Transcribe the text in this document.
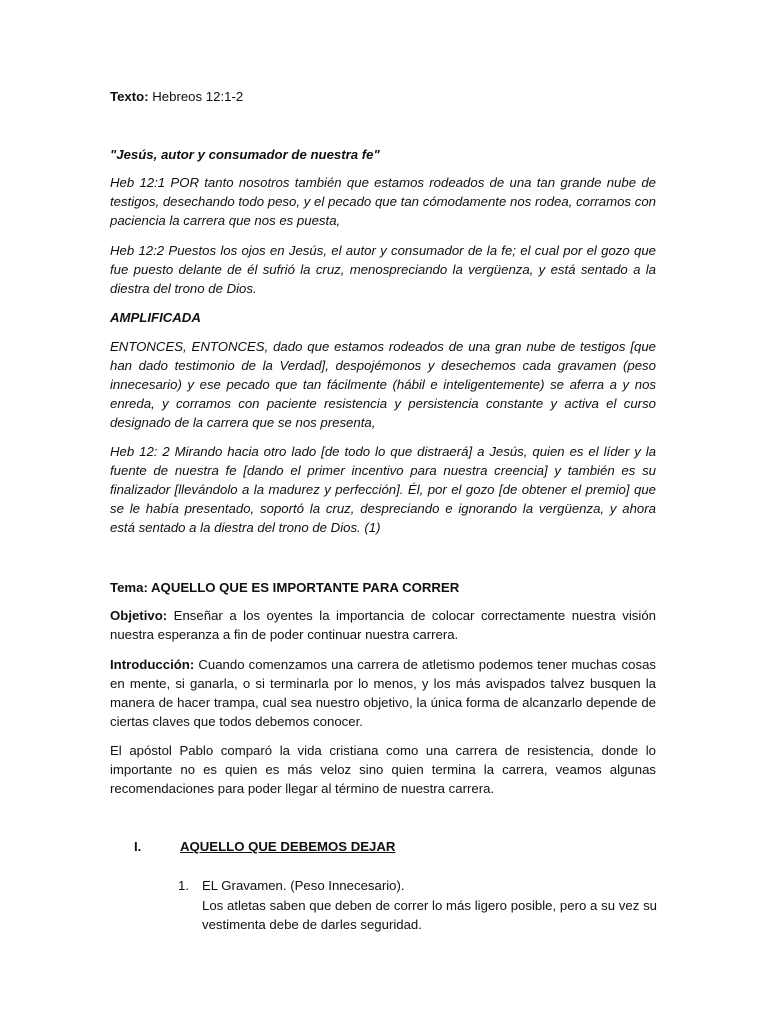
Texto: Hebreos 12:1-2

"Jesús, autor y consumador de nuestra fe"

Heb 12:1 POR tanto nosotros también que estamos rodeados de una tan grande nube de testigos, desechando todo peso, y el pecado que tan cómodamente nos rodea, corramos con paciencia la carrera que nos es puesta,

Heb 12:2 Puestos los ojos en Jesús, el autor y consumador de la fe; el cual por el gozo que fue puesto delante de él sufrió la cruz, menospreciando la vergüenza, y está sentado a la diestra del trono de Dios.

AMPLIFICADA

ENTONCES, ENTONCES, dado que estamos rodeados de una gran nube de testigos [que han dado testimonio de la Verdad], despojémonos y desechemos cada gravamen (peso innecesario) y ese pecado que tan fácilmente (hábil e inteligentemente) se aferra a y nos enreda, y corramos con paciente resistencia y persistencia constante y activa el curso designado de la carrera que se nos presenta,

Heb 12: 2 Mirando hacia otro lado [de todo lo que distraerá] a Jesús, quien es el líder y la fuente de nuestra fe [dando el primer incentivo para nuestra creencia] y también es su finalizador [llevándolo a la madurez y perfección]. Él, por el gozo [de obtener el premio] que se le había presentado, soportó la cruz, despreciando e ignorando la vergüenza, y ahora está sentado a la diestra del trono de Dios. (1)

Tema: AQUELLO QUE ES IMPORTANTE PARA CORRER

Objetivo: Enseñar a los oyentes la importancia de colocar correctamente nuestra visión nuestra esperanza a fin de poder continuar nuestra carrera.

Introducción: Cuando comenzamos una carrera de atletismo podemos tener muchas cosas en mente, si ganarla, o si terminarla por lo menos, y los más avispados talvez busquen la manera de hacer trampa, cual sea nuestro objetivo, la única forma de alcanzarlo depende de ciertas claves que todos debemos conocer.

El apóstol Pablo comparó la vida cristiana como una carrera de resistencia, donde lo importante no es quien es más veloz sino quien termina la carrera, veamos algunas recomendaciones para poder llegar al término de nuestra carrera.

I.	AQUELLO QUE DEBEMOS DEJAR
1. EL Gravamen. (Peso Innecesario).

Los atletas saben que deben de correr lo más ligero posible, pero a su vez su vestimenta debe de darles seguridad.
